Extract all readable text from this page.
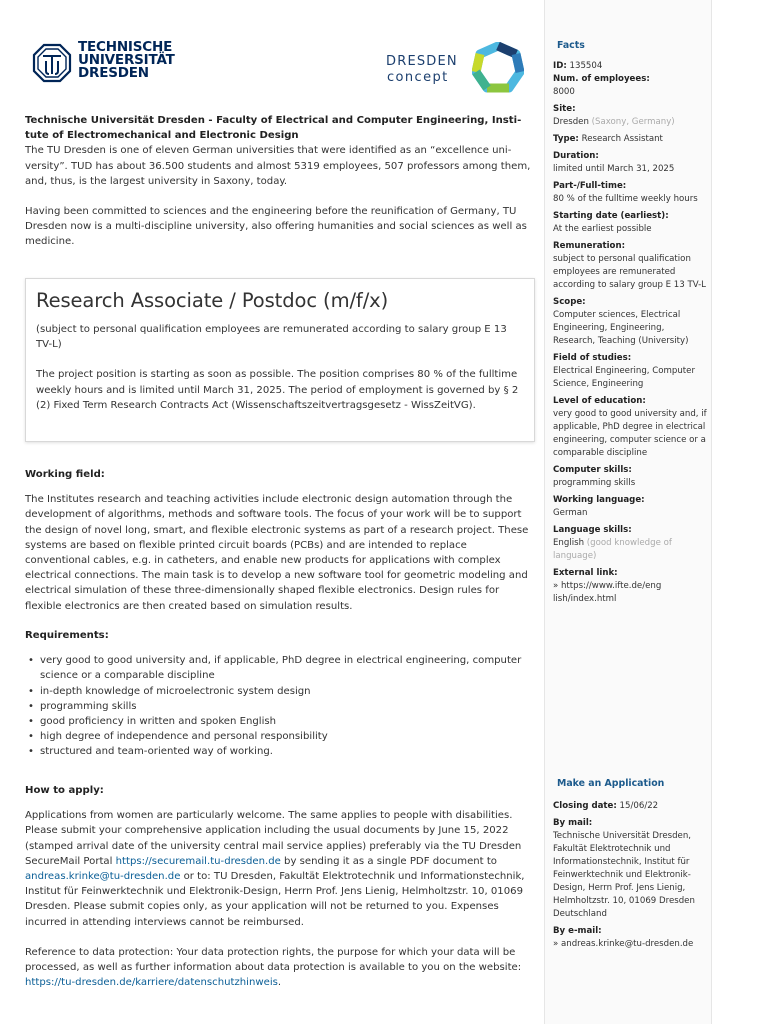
TECHNISCHE
UNIVERSITÄT
DRESDEN
DRESDEN
concept

Technische Universität Dresden - Faculty of Electrical and Computer Engineering, Institute of Electromechanical and Electronic Design

The TU Dresden is one of eleven German universities that were identified as an “excellence university”. TUD has about 36.500 students and almost 5319 employees, 507 professors among them, and, thus, is the largest university in Saxony, today.

Having been committed to sciences and the engineering before the reunification of Germany, TU Dresden now is a multi-discipline university, also offering humanities and social sciences as well as medicine.

Research Associate / Postdoc (m/f/x)

(subject to personal qualification employees are remunerated according to salary group E 13 TV-L)

The project position is starting as soon as possible. The position comprises 80 % of the fulltime weekly hours and is limited until March 31, 2025. The period of employment is governed by § 2 (2) Fixed Term Research Contracts Act (Wissenschaftszeitvertragsgesetz - WissZeitVG).

Working field:

The Institutes research and teaching activities include electronic design automation through the development of algorithms, methods and software tools. The focus of your work will be to support the design of novel long, smart, and flexible electronic systems as part of a research project. These systems are based on flexible printed circuit boards (PCBs) and are intended to replace conventional cables, e.g. in catheters, and enable new products for applications with complex electrical connections. The main task is to develop a new software tool for geometric modeling and electrical simulation of these three-dimensionally shaped flexible electronics. Design rules for flexible electronics are then created based on simulation results.

Requirements:
• very good to good university and, if applicable, PhD degree in electrical engineering, computer science or a comparable discipline
• in-depth knowledge of microelectronic system design
• programming skills
• good proficiency in written and spoken English
• high degree of independence and personal responsibility
• structured and team-oriented way of working.
How to apply:

Applications from women are particularly welcome. The same applies to people with disabilities. Please submit your comprehensive application including the usual documents by June 15, 2022 (stamped arrival date of the university central mail service applies) preferably via the TU Dresden SecureMail Portal https://securemail.tu-dresden.de by sending it as a single PDF document to andreas.krinke@tu-dresden.de or to: TU Dresden, Fakultät Elektrotechnik und Informationstechnik, Institut für Feinwerktechnik und Elektronik-Design, Herrn Prof. Jens Lienig, Helmholtzstr. 10, 01069 Dresden. Please submit copies only, as your application will not be returned to you. Expenses incurred in attending interviews cannot be reimbursed.

Reference to data protection: Your data protection rights, the purpose for which your data will be processed, as well as further information about data protection is available to you on the website: https://tu-dresden.de/karriere/datenschutzhinweis.

Facts
ID: 135504
Num. of employees:
8000
Site:
Dresden (Saxony, Germany)
Type: Research Assistant
Duration:
limited until March 31, 2025
Part-/Full-time:
80 % of the fulltime weekly hours
Starting date (earliest):
At the earliest possible
Remuneration:
subject to personal qualification employees are remunerated according to salary group E 13 TV-L
Scope:
Computer sciences, Electrical Engineering, Engineering, Research, Teaching (University)
Field of studies:
Electrical Engineering, Computer Science, Engineering
Level of education:
very good to good university and, if applicable, PhD degree in electrical engineering, computer science or a comparable discipline
Computer skills:
programming skills
Working language:
German
Language skills:
English (good knowledge of language)
External link:
» https://www.ifte.de/eng lish/index.html
Make an Application
Closing date: 15/06/22
By mail:
Technische Universität Dresden, Fakultät Elektrotechnik und Informationstechnik, Institut für Feinwerktechnik und Elektronik-Design, Herrn Prof. Jens Lienig, Helmholtzstr. 10, 01069 Dresden Deutschland
By e-mail:
» andreas.krinke@tu-dresden.de
